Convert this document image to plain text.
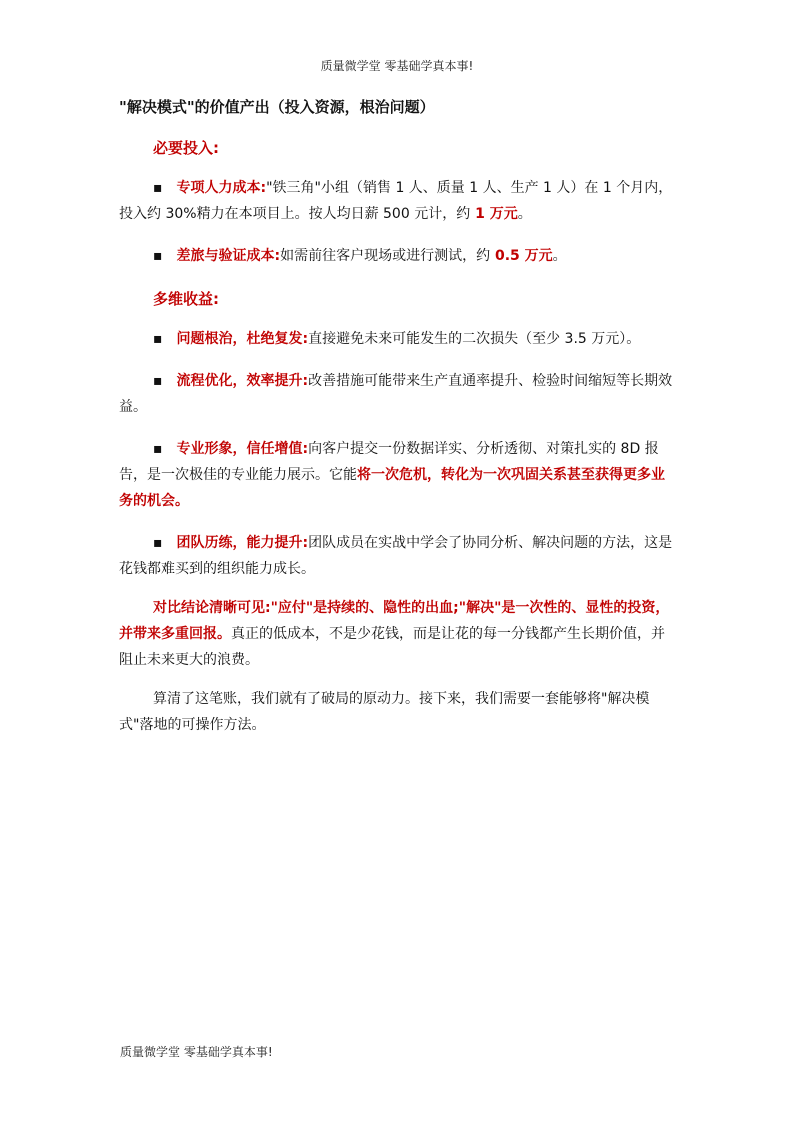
质量微学堂 零基础学真本事!

"解决模式"的价值产出（投入资源，根治问题）

必要投入:

▪ 专项人力成本:"铁三角"小组（销售 1 人、质量 1 人、生产 1 人）在 1 个月内，投入约 30%精力在本项目上。按人均日薪 500 元计，约 1 万元。

▪ 差旅与验证成本:如需前往客户现场或进行测试，约 0.5 万元。

多维收益:

▪ 问题根治，杜绝复发:直接避免未来可能发生的二次损失（至少 3.5 万元）。

▪ 流程优化，效率提升:改善措施可能带来生产直通率提升、检验时间缩短等长期效益。

▪ 专业形象，信任增值:向客户提交一份数据详实、分析透彻、对策扎实的 8D 报告，是一次极佳的专业能力展示。它能将一次危机，转化为一次巩固关系甚至获得更多业务的机会。

▪ 团队历练，能力提升:团队成员在实战中学会了协同分析、解决问题的方法，这是花钱都难买到的组织能力成长。

对比结论清晰可见:"应付"是持续的、隐性的出血;"解决"是一次性的、显性的投资，并带来多重回报。真正的低成本，不是少花钱，而是让花的每一分钱都产生长期价值，并阻止未来更大的浪费。

算清了这笔账，我们就有了破局的原动力。接下来，我们需要一套能够将"解决模式"落地的可操作方法。

质量微学堂 零基础学真本事!
